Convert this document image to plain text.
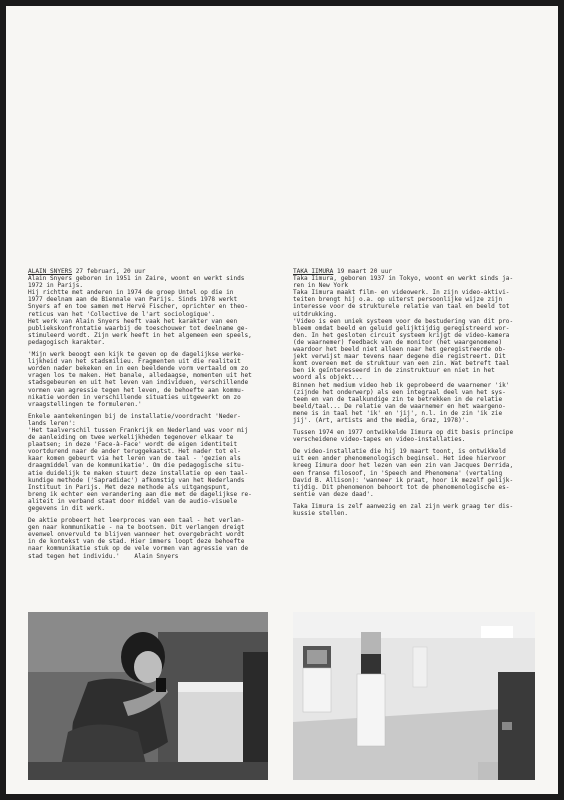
ALAIN SNYERS 27 februari, 20 uur

Alain Snyers geboren in 1951 in Zaire, woont en werkt sinds
1972 in Parijs.
Hij richtte met anderen in 1974 de groep Untel op die in
1977 deelnam aan de Biennale van Parijs. Sinds 1978 werkt
Snyers af en toe samen met Hervé Fischer, oprichter en theo-
reticus van het 'Collective de l'art sociologique'.
Het werk van Alain Snyers heeft vaak het karakter van een
publiekskonfrontatie waarbij de toeschouwer tot deelname ge-
stimuleerd wordt. Zijn werk heeft in het algemeen een speels,
pedagogisch karakter.

'Mijn werk beoogt een kijk te geven op de dagelijkse werke-
lijkheid van het stadsmilieu. Fragmenten uit die realiteit
worden nader bekeken en in een beeldende vorm vertaald om zo
vragen los te maken. Het banale, alledaagse, momenten uit het
stadsgebeuren en uit het leven van individuen, verschillende
vormen van agressie tegen het leven, de behoefte aan kommu-
nikatie worden in verschillende situaties uitgewerkt om zo
vraagstellingen te formuleren.'

Enkele aantekeningen bij de installatie/voordracht 'Neder-
lands leren':
'Het taalverschil tussen Frankrijk en Nederland was voor mij
de aanleiding om twee werkelijkheden tegenover elkaar te
plaatsen; in deze 'Face-à-Face' wordt de eigen identiteit
voortdurend naar de ander teruggekaatst. Het nader tot el-
kaar komen gebeurt via het leren van de taal - 'gezien als
draagmiddel van de kommunikatie'. Om die pedagogische situ-
atie duidelijk te maken stuurt deze installatie op een taal-
kundige methode ('Sapradidac') afkomstig van het Nederlands
Instituut in Parijs. Met deze methode als uitgangspunt,
breng ik echter een verandering aan die met de dagelijkse re-
aliteit in verband staat door middel van de audio-visuele
gegevens in dit werk.

De aktie probeert het leerproces van een taal - het verlan-
gen naar kommunikatie - na te bootsen. Dit verlangen dreigt
evenwel onvervuld te blijven wanneer het overgebracht wordt
in de kontekst van de stad. Hier immers loopt deze behoefte
naar kommunikatie stuk op de vele vormen van agressie van de
stad tegen het individu.' Alain Snyers

TAKA IIMURA 19 maart 20 uur

Taka Iimura, geboren 1937 in Tokyo, woont en werkt sinds ja-
ren in New York
Taka Iimura maakt film- en videowerk. In zijn video-aktivi-
teiten brengt hij o.a. op uiterst persoonlijke wijze zijn
interesse voor de strukturele relatie van taal en beeld tot
uitdrukking.
'Video is een uniek systeem voor de bestudering van dit pro-
bleem omdat beeld en geluid gelijktijdig geregistreerd wor-
den. In het gesloten circuit systeem krijgt de video-kamera
(de waarnemer) feedback van de monitor (het waargenomene)
waardoor het beeld niet alleen naar het geregistreerde ob-
jekt verwijst maar tevens naar degene die registreert. Dit
komt overeen met de struktuur van een zin. Wat betreft taal
ben ik geïnteresseerd in de zinstruktuur en niet in het
woord als objekt...
Binnen het medium video heb ik geprobeerd de waarnemer 'ik'
(zijnde het onderwerp) als een integraal deel van het sys-
teem en van de taalkundige zin te betrekken in de relatie
beeld/taal... De relatie van de waarnemer en het waargeno-
mene is in taal het 'ik' en 'jij', n.l. in de zin 'ik zie
jij'. (Art, artists and the media, Graz, 1978)'.

Tussen 1974 en 1977 ontwikkelde Iimura op dit basis principe
verscheidene video-tapes en video-installaties.

De video-installatie die hij 19 maart toont, is ontwikkeld
uit een ander phenomenologisch beginsel. Het idee hiervoor
kreeg Iimura door het lezen van een zin van Jacques Derrida,
een franse filosoof, in 'Speech and Phenomena' (vertaling
David B. Allison): 'wanneer ik praat, hoor ik mezelf gelijk-
tijdig. Dit phenomenon behoort tot de phenomenologische es-
sentie van deze daad'.

Taka Iimura is zelf aanwezig en zal zijn werk graag ter dis-
kussie stellen.
